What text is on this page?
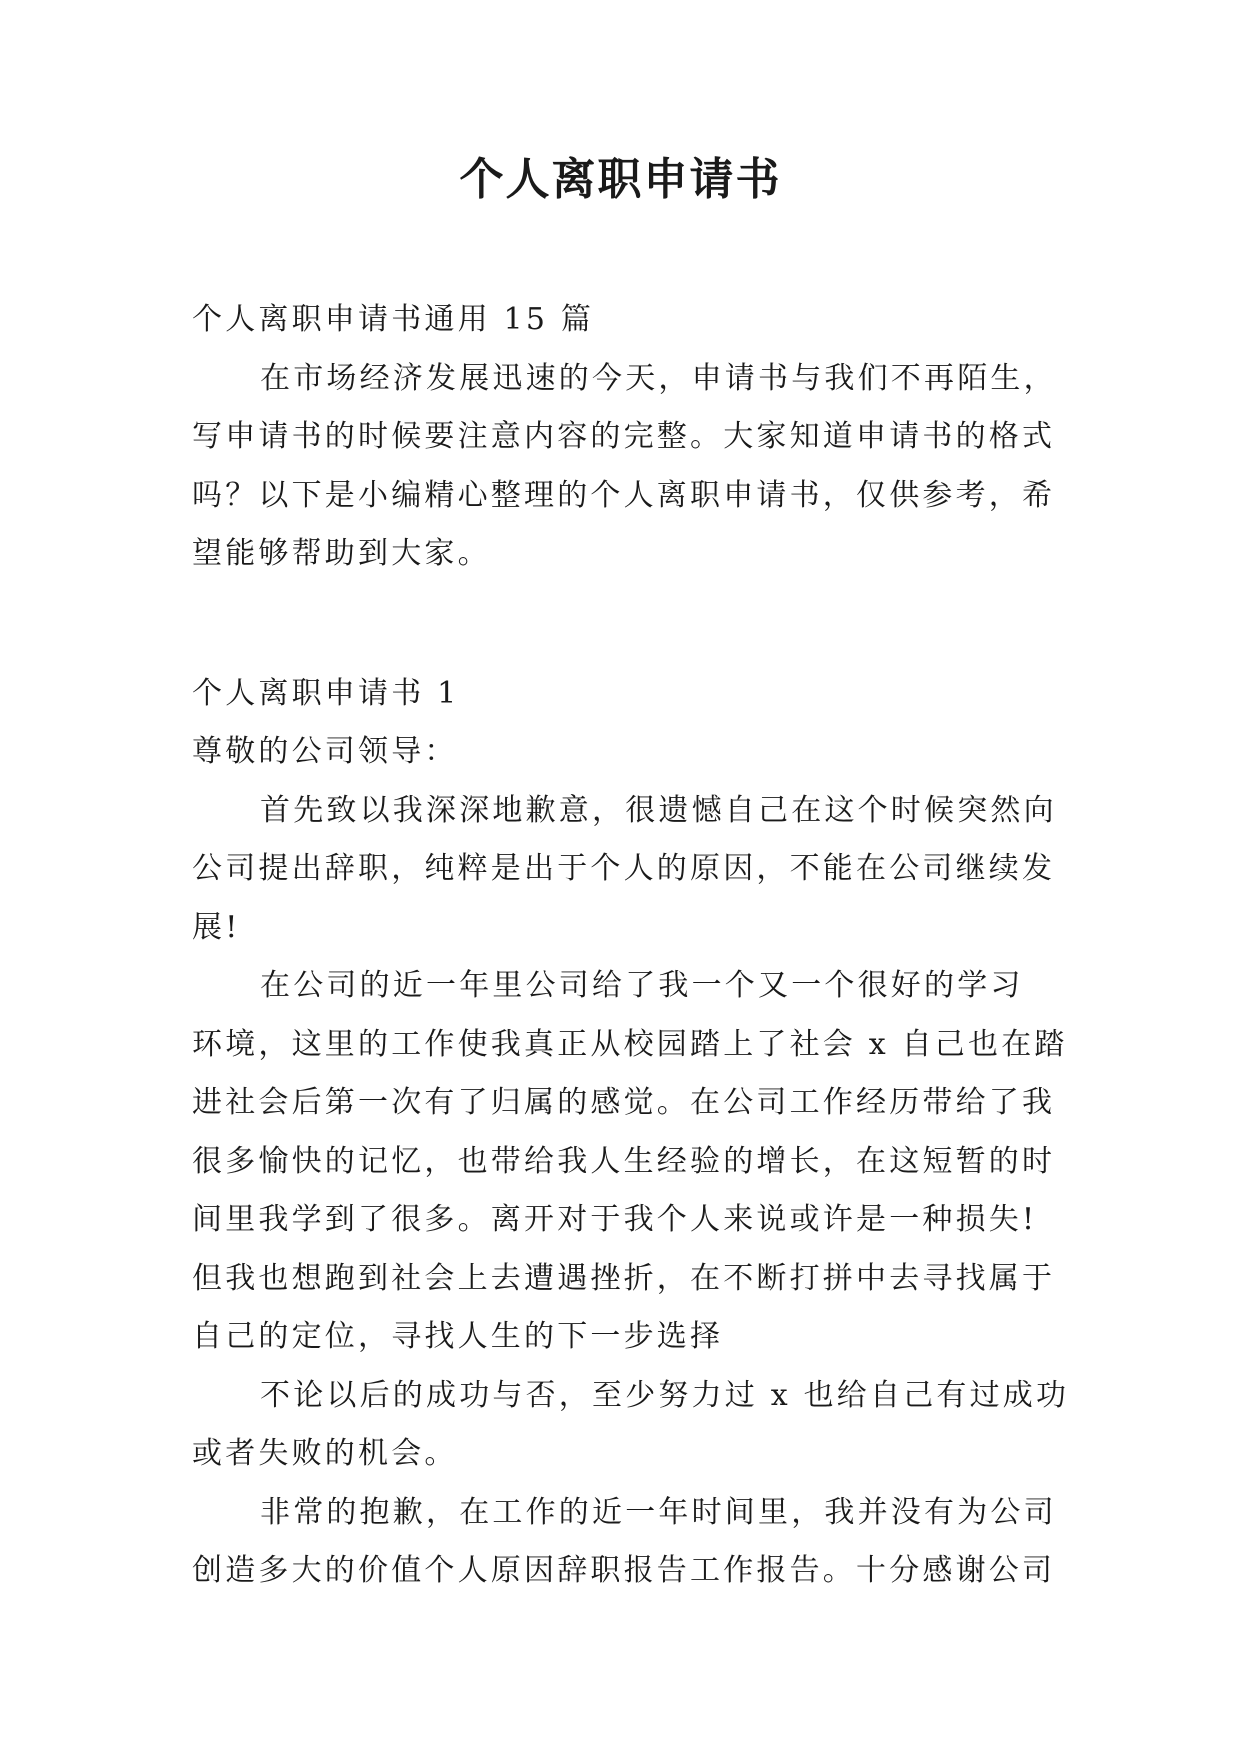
个人离职申请书

个人离职申请书通用 15 篇

在市场经济发展迅速的今天，申请书与我们不再陌生，

写申请书的时候要注意内容的完整。大家知道申请书的格式

吗？以下是小编精心整理的个人离职申请书，仅供参考，希

望能够帮助到大家。

个人离职申请书 1

尊敬的公司领导：

首先致以我深深地歉意，很遗憾自己在这个时候突然向

公司提出辞职，纯粹是出于个人的原因，不能在公司继续发

展!

在公司的近一年里公司给了我一个又一个很好的学习

环境，这里的工作使我真正从校园踏上了社会 x 自己也在踏

进社会后第一次有了归属的感觉。在公司工作经历带给了我

很多愉快的记忆，也带给我人生经验的增长，在这短暂的时

间里我学到了很多。离开对于我个人来说或许是一种损失!

但我也想跑到社会上去遭遇挫折，在不断打拼中去寻找属于

自己的定位，寻找人生的下一步选择

不论以后的成功与否，至少努力过 x 也给自己有过成功

或者失败的机会。

非常的抱歉，在工作的近一年时间里，我并没有为公司

创造多大的价值个人原因辞职报告工作报告。十分感谢公司
